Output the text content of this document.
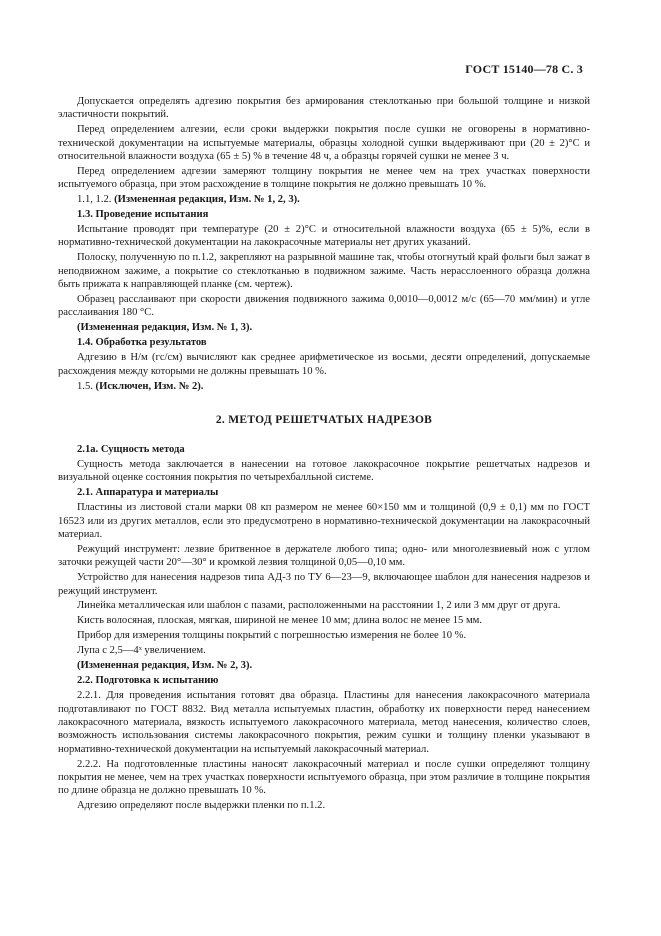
ГОСТ 15140—78 С. 3

Допускается определять адгезию покрытия без армирования стеклотканью при большой толщине и низкой эластичности покрытий.

Перед определением алгезии, если сроки выдержки покрытия после сушки не оговорены в нормативно-технической документации на испытуемые материалы, образцы холодной сушки выдерживают при (20 ± 2)°С и относительной влажности воздуха (65 ± 5) % в течение 48 ч, а образцы горячей сушки не менее 3 ч.

Перед определением адгезии замеряют толщину покрытия не менее чем на трех участках поверхности испытуемого образца, при этом расхождение в толщине покрытия не должно превышать 10 %.

1.1, 1.2. (Измененная редакция, Изм. № 1, 2, 3).

1.3. Проведение испытания

Испытание проводят при температуре (20 ± 2)°С и относительной влажности воздуха (65 ± 5)%, если в нормативно-технической документации на лакокрасочные материалы нет других указаний.

Полоску, полученную по п.1.2, закрепляют на разрывной машине так, чтобы отогнутый край фольги был зажат в неподвижном зажиме, а покрытие со стеклотканью в подвижном зажиме. Часть нерасслоенного образца должна быть прижата к направляющей планке (см. чертеж).

Образец расслаивают при скорости движения подвижного зажима 0,0010—0,0012 м/с (65—70 мм/мин) и угле расслаивания 180 °С.

(Измененная редакция, Изм. № 1, 3).

1.4. Обработка результатов

Адгезию в Н/м (гс/см) вычисляют как среднее арифметическое из восьми, десяти определений, допускаемые расхождения между которыми не должны превышать 10 %.

1.5. (Исключен, Изм. № 2).

2. МЕТОД РЕШЕТЧАТЫХ НАДРЕЗОВ

2.1а. Сущность метода

Сущность метода заключается в нанесении на готовое лакокрасочное покрытие решетчатых надрезов и визуальной оценке состояния покрытия по четырехбалльной системе.

2.1. Аппаратура и материалы

Пластины из листовой стали марки 08 кп размером не менее 60×150 мм и толщиной (0,9 ± 0,1) мм по ГОСТ 16523 или из других металлов, если это предусмотрено в нормативно-технической документации на лакокрасочный материал.

Режущий инструмент: лезвие бритвенное в держателе любого типа; одно- или многолезвиевый нож с углом заточки режущей части 20°—30° и кромкой лезвия толщиной 0,05—0,10 мм.

Устройство для нанесения надрезов типа АД-3 по ТУ 6—23—9, включающее шаблон для нанесения надрезов и режущий инструмент.

Линейка металлическая или шаблон с пазами, расположенными на расстоянии 1, 2 или 3 мм друг от друга.

Кисть волосяная, плоская, мягкая, шириной не менее 10 мм; длина волос не менее 15 мм.

Прибор для измерения толщины покрытий с погрешностью измерения не более 10 %.

Лупа с 2,5—4ˣ увеличением.

(Измененная редакция, Изм. № 2, 3).

2.2. Подготовка к испытанию

2.2.1. Для проведения испытания готовят два образца. Пластины для нанесения лакокрасочного материала подготавливают по ГОСТ 8832. Вид металла испытуемых пластин, обработку их поверхности перед нанесением лакокрасочного материала, вязкость испытуемого лакокрасочного материала, метод нанесения, количество слоев, возможность использования системы лакокрасочного покрытия, режим сушки и толщину пленки указывают в нормативно-технической документации на испытуемый лакокрасочный материал.

2.2.2. На подготовленные пластины наносят лакокрасочный материал и после сушки определяют толщину покрытия не менее, чем на трех участках поверхности испытуемого образца, при этом различие в толщине покрытия по длине образца не должно превышать 10 %.

Адгезию определяют после выдержки пленки по п.1.2.
